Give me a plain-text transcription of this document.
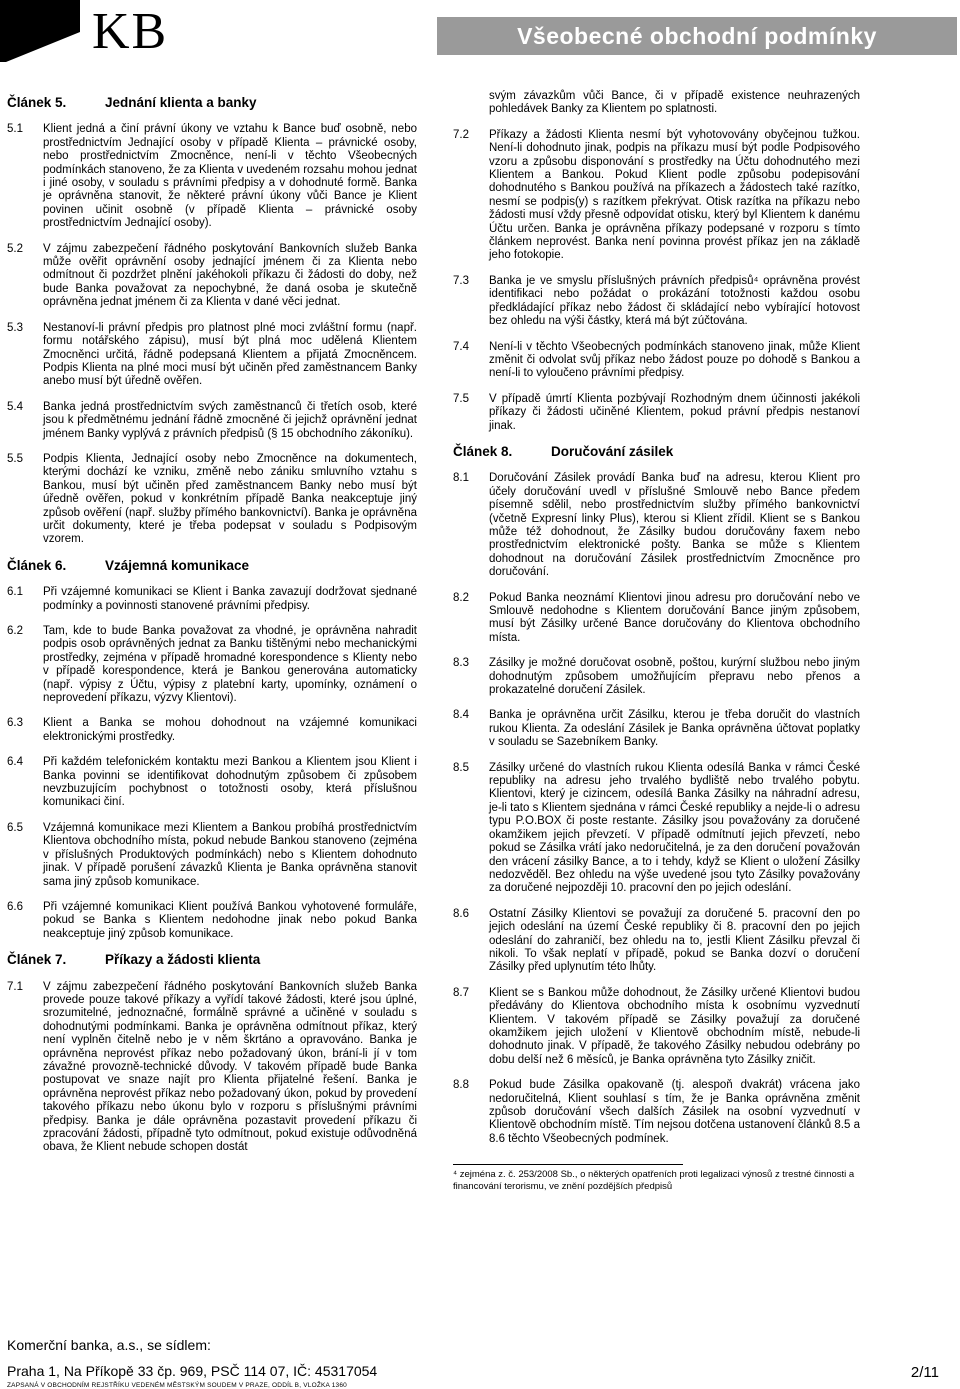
KB	Všeobecné obchodní podmínky
Článek 5.	Jednání klienta a banky
5.1	Klient jedná a činí právní úkony ve vztahu k Bance buď osobně, nebo prostřednictvím Jednající osoby v případě Klienta – právnické osoby, nebo prostřednictvím Zmocněnce, není-li v těchto Všeobecných podmínkách stanoveno, že za Klienta v uvedeném rozsahu mohou jednat i jiné osoby, v souladu s právními předpisy a v dohodnuté formě. Banka je oprávněna stanovit, že některé právní úkony vůči Bance je Klient povinen učinit osobně (v případě Klienta – právnické osoby prostřednictvím Jednající osoby).
5.2	V zájmu zabezpečení řádného poskytování Bankovních služeb Banka může ověřit oprávnění osoby jednající jménem či za Klienta nebo odmítnout či pozdržet plnění jakéhokoli příkazu či žádosti do doby, než bude Banka považovat za nepochybné, že daná osoba je skutečně oprávněna jednat jménem či za Klienta v dané věci jednat.
5.3	Nestanoví-li právní předpis pro platnost plné moci zvláštní formu (např. formu notářského zápisu), musí být plná moc udělená Klientem Zmocněnci určitá, řádně podepsaná Klientem a přijatá Zmocněncem. Podpis Klienta na plné moci musí být učiněn před zaměstnancem Banky anebo musí být úředně ověřen.
5.4	Banka jedná prostřednictvím svých zaměstnanců či třetích osob, které jsou k předmětnému jednání řádně zmocněné či jejichž oprávnění jednat jménem Banky vyplývá z právních předpisů (§ 15 obchodního zákoníku).
5.5	Podpis Klienta, Jednající osoby nebo Zmocněnce na dokumentech, kterými dochází ke vzniku, změně nebo zániku smluvního vztahu s Bankou, musí být učiněn před zaměstnancem Banky nebo musí být úředně ověřen, pokud v konkrétním případě Banka neakceptuje jiný způsob ověření (např. služby přímého bankovnictví). Banka je oprávněna určit dokumenty, které je třeba podepsat v souladu s Podpisovým vzorem.
Článek 6.	Vzájemná komunikace
6.1	Při vzájemné komunikaci se Klient i Banka zavazují dodržovat sjednané podmínky a povinnosti stanovené právními předpisy.
6.2	Tam, kde to bude Banka považovat za vhodné, je oprávněna nahradit podpis osob oprávněných jednat za Banku tištěnými nebo mechanickými prostředky, zejména v případě hromadné korespondence s Klienty nebo v případě korespondence, která je Bankou generována automaticky (např. výpisy z Účtu, výpisy z platební karty, upomínky, oznámení o neprovedení příkazu, výzvy Klientovi).
6.3	Klient a Banka se mohou dohodnout na vzájemné komunikaci elektronickými prostředky.
6.4	Při každém telefonickém kontaktu mezi Bankou a Klientem jsou Klient i Banka povinni se identifikovat dohodnutým způsobem či způsobem nevzbuzujícím pochybnost o totožnosti osoby, která příslušnou komunikaci činí.
6.5	Vzájemná komunikace mezi Klientem a Bankou probíhá prostřednictvím Klientova obchodního místa, pokud nebude Bankou stanoveno (zejména v příslušných Produktových podmínkách) nebo s Klientem dohodnuto jinak. V případě porušení závazků Klienta je Banka oprávněna stanovit sama jiný způsob komunikace.
6.6	Při vzájemné komunikaci Klient používá Bankou vyhotovené formuláře, pokud se Banka s Klientem nedohodne jinak nebo pokud Banka neakceptuje jiný způsob komunikace.
Článek 7.	Příkazy a žádosti klienta
7.1	V zájmu zabezpečení řádného poskytování Bankovních služeb Banka provede pouze takové příkazy a vyřídí takové žádosti, které jsou úplné, srozumitelné, jednoznačné, formálně správné a učiněné v souladu s dohodnutými podmínkami. Banka je oprávněna odmítnout příkaz, který není vyplněn čitelně nebo je v něm škrtáno a opravováno. Banka je oprávněna neprovést příkaz nebo požadovaný úkon, brání-li jí v tom závažné provozně-technické důvody. V takovém případě bude Banka postupovat ve snaze najít pro Klienta přijatelné řešení. Banka je oprávněna neprovést příkaz nebo požadovaný úkon, pokud by provedení takového příkazu nebo úkonu bylo v rozporu s příslušnými právními předpisy. Banka je dále oprávněna pozastavit provedení příkazu či zpracování žádosti, případně tyto odmítnout, pokud existuje odůvodněná obava, že Klient nebude schopen dostát
svým závazkům vůči Bance, či v případě existence neuhrazených pohledávek Banky za Klientem po splatnosti.
7.2	Příkazy a žádosti Klienta nesmí být vyhotovovány obyčejnou tužkou. Není-li dohodnuto jinak, podpis na příkazu musí být podle Podpisového vzoru a způsobu disponování s prostředky na Účtu dohodnutého mezi Klientem a Bankou. Pokud Klient podle způsobu podepisování dohodnutého s Bankou používá na příkazech a žádostech také razítko, nesmí se podpis(y) s razítkem překrývat. Otisk razítka na příkazu nebo žádosti musí vždy přesně odpovídat otisku, který byl Klientem k danému Účtu určen. Banka je oprávněna příkazy podepsané v rozporu s tímto článkem neprovést. Banka není povinna provést příkaz jen na základě jeho fotokopie.
7.3	Banka je ve smyslu příslušných právních předpisů⁴ oprávněna provést identifikaci nebo požádat o prokázání totožnosti každou osobu předkládající příkaz nebo žádost či skládající nebo vybírající hotovost bez ohledu na výši částky, která má být zúčtována.
7.4	Není-li v těchto Všeobecných podmínkách stanoveno jinak, může Klient změnit či odvolat svůj příkaz nebo žádost pouze po dohodě s Bankou a není-li to vyloučeno právními předpisy.
7.5	V případě úmrtí Klienta pozbývají Rozhodným dnem účinnosti jakékoli příkazy či žádosti učiněné Klientem, pokud právní předpis nestanoví jinak.
Článek 8.	Doručování zásilek
8.1	Doručování Zásilek provádí Banka buď na adresu, kterou Klient pro účely doručování uvedl v příslušné Smlouvě nebo Bance předem písemně sdělil, nebo prostřednictvím služby přímého bankovnictví (včetně Expresní linky Plus), kterou si Klient zřídil. Klient se s Bankou může též dohodnout, že Zásilky budou doručovány faxem nebo prostřednictvím elektronické pošty. Banka se může s Klientem dohodnout na doručování Zásilek prostřednictvím Zmocněnce pro doručování.
8.2	Pokud Banka neoznámí Klientovi jinou adresu pro doručování nebo ve Smlouvě nedohodne s Klientem doručování Bance jiným způsobem, musí být Zásilky určené Bance doručovány do Klientova obchodního místa.
8.3	Zásilky je možné doručovat osobně, poštou, kurýrní službou nebo jiným dohodnutým způsobem umožňujícím přepravu nebo přenos a prokazatelné doručení Zásilek.
8.4	Banka je oprávněna určit Zásilku, kterou je třeba doručit do vlastních rukou Klienta. Za odeslání Zásilek je Banka oprávněna účtovat poplatky v souladu se Sazebníkem Banky.
8.5	Zásilky určené do vlastních rukou Klienta odesílá Banka v rámci České republiky na adresu jeho trvalého bydliště nebo trvalého pobytu. Klientovi, který je cizincem, odesílá Banka Zásilky na náhradní adresu, je-li tato s Klientem sjednána v rámci České republiky a nejde-li o adresu typu P.O.BOX či poste restante. Zásilky jsou považovány za doručené okamžikem jejich převzetí. V případě odmítnutí jejich převzetí, nebo pokud se Zásilka vrátí jako nedoručitelná, je za den doručení považován den vrácení zásilky Bance, a to i tehdy, když se Klient o uložení Zásilky nedozvěděl. Bez ohledu na výše uvedené jsou tyto Zásilky považovány za doručené nejpozději 10. pracovní den po jejich odeslání.
8.6	Ostatní Zásilky Klientovi se považují za doručené 5. pracovní den po jejich odeslání na území České republiky či 8. pracovní den po jejich odeslání do zahraničí, bez ohledu na to, jestli Klient Zásilku převzal či nikoli. To však neplatí v případě, pokud se Banka dozví o doručení Zásilky před uplynutím této lhůty.
8.7	Klient se s Bankou může dohodnout, že Zásilky určené Klientovi budou předávány do Klientova obchodního místa k osobnímu vyzvednutí Klientem. V takovém případě se Zásilky považují za doručené okamžikem jejich uložení v Klientově obchodním místě, nebude-li dohodnuto jinak. V případě, že takového Zásilky nebudou odebrány po dobu delší než 6 měsíců, je Banka oprávněna tyto Zásilky zničit.
8.8	Pokud bude Zásilka opakovaně (tj. alespoň dvakrát) vrácena jako nedoručitelná, Klient souhlasí s tím, že je Banka oprávněna změnit způsob doručování všech dalších Zásilek na osobní vyzvednutí v Klientově obchodním místě. Tím nejsou dotčena ustanovení článků 8.5 a 8.6 těchto Všeobecných podmínek.
⁴ zejména z. č. 253/2008 Sb., o některých opatřeních proti legalizaci výnosů z trestné činnosti a financování terorismu, ve znění pozdějších předpisů
Komerční banka, a.s., se sídlem:
Praha 1, Na Příkopě 33 čp. 969, PSČ 114 07, IČ: 45317054
ZAPSANÁ V OBCHODNÍM REJSTŘÍKU VEDENÉM MĚSTSKÝM SOUDEM V PRAZE, ODDÍL B, VLOŽKA 1360
2/11
